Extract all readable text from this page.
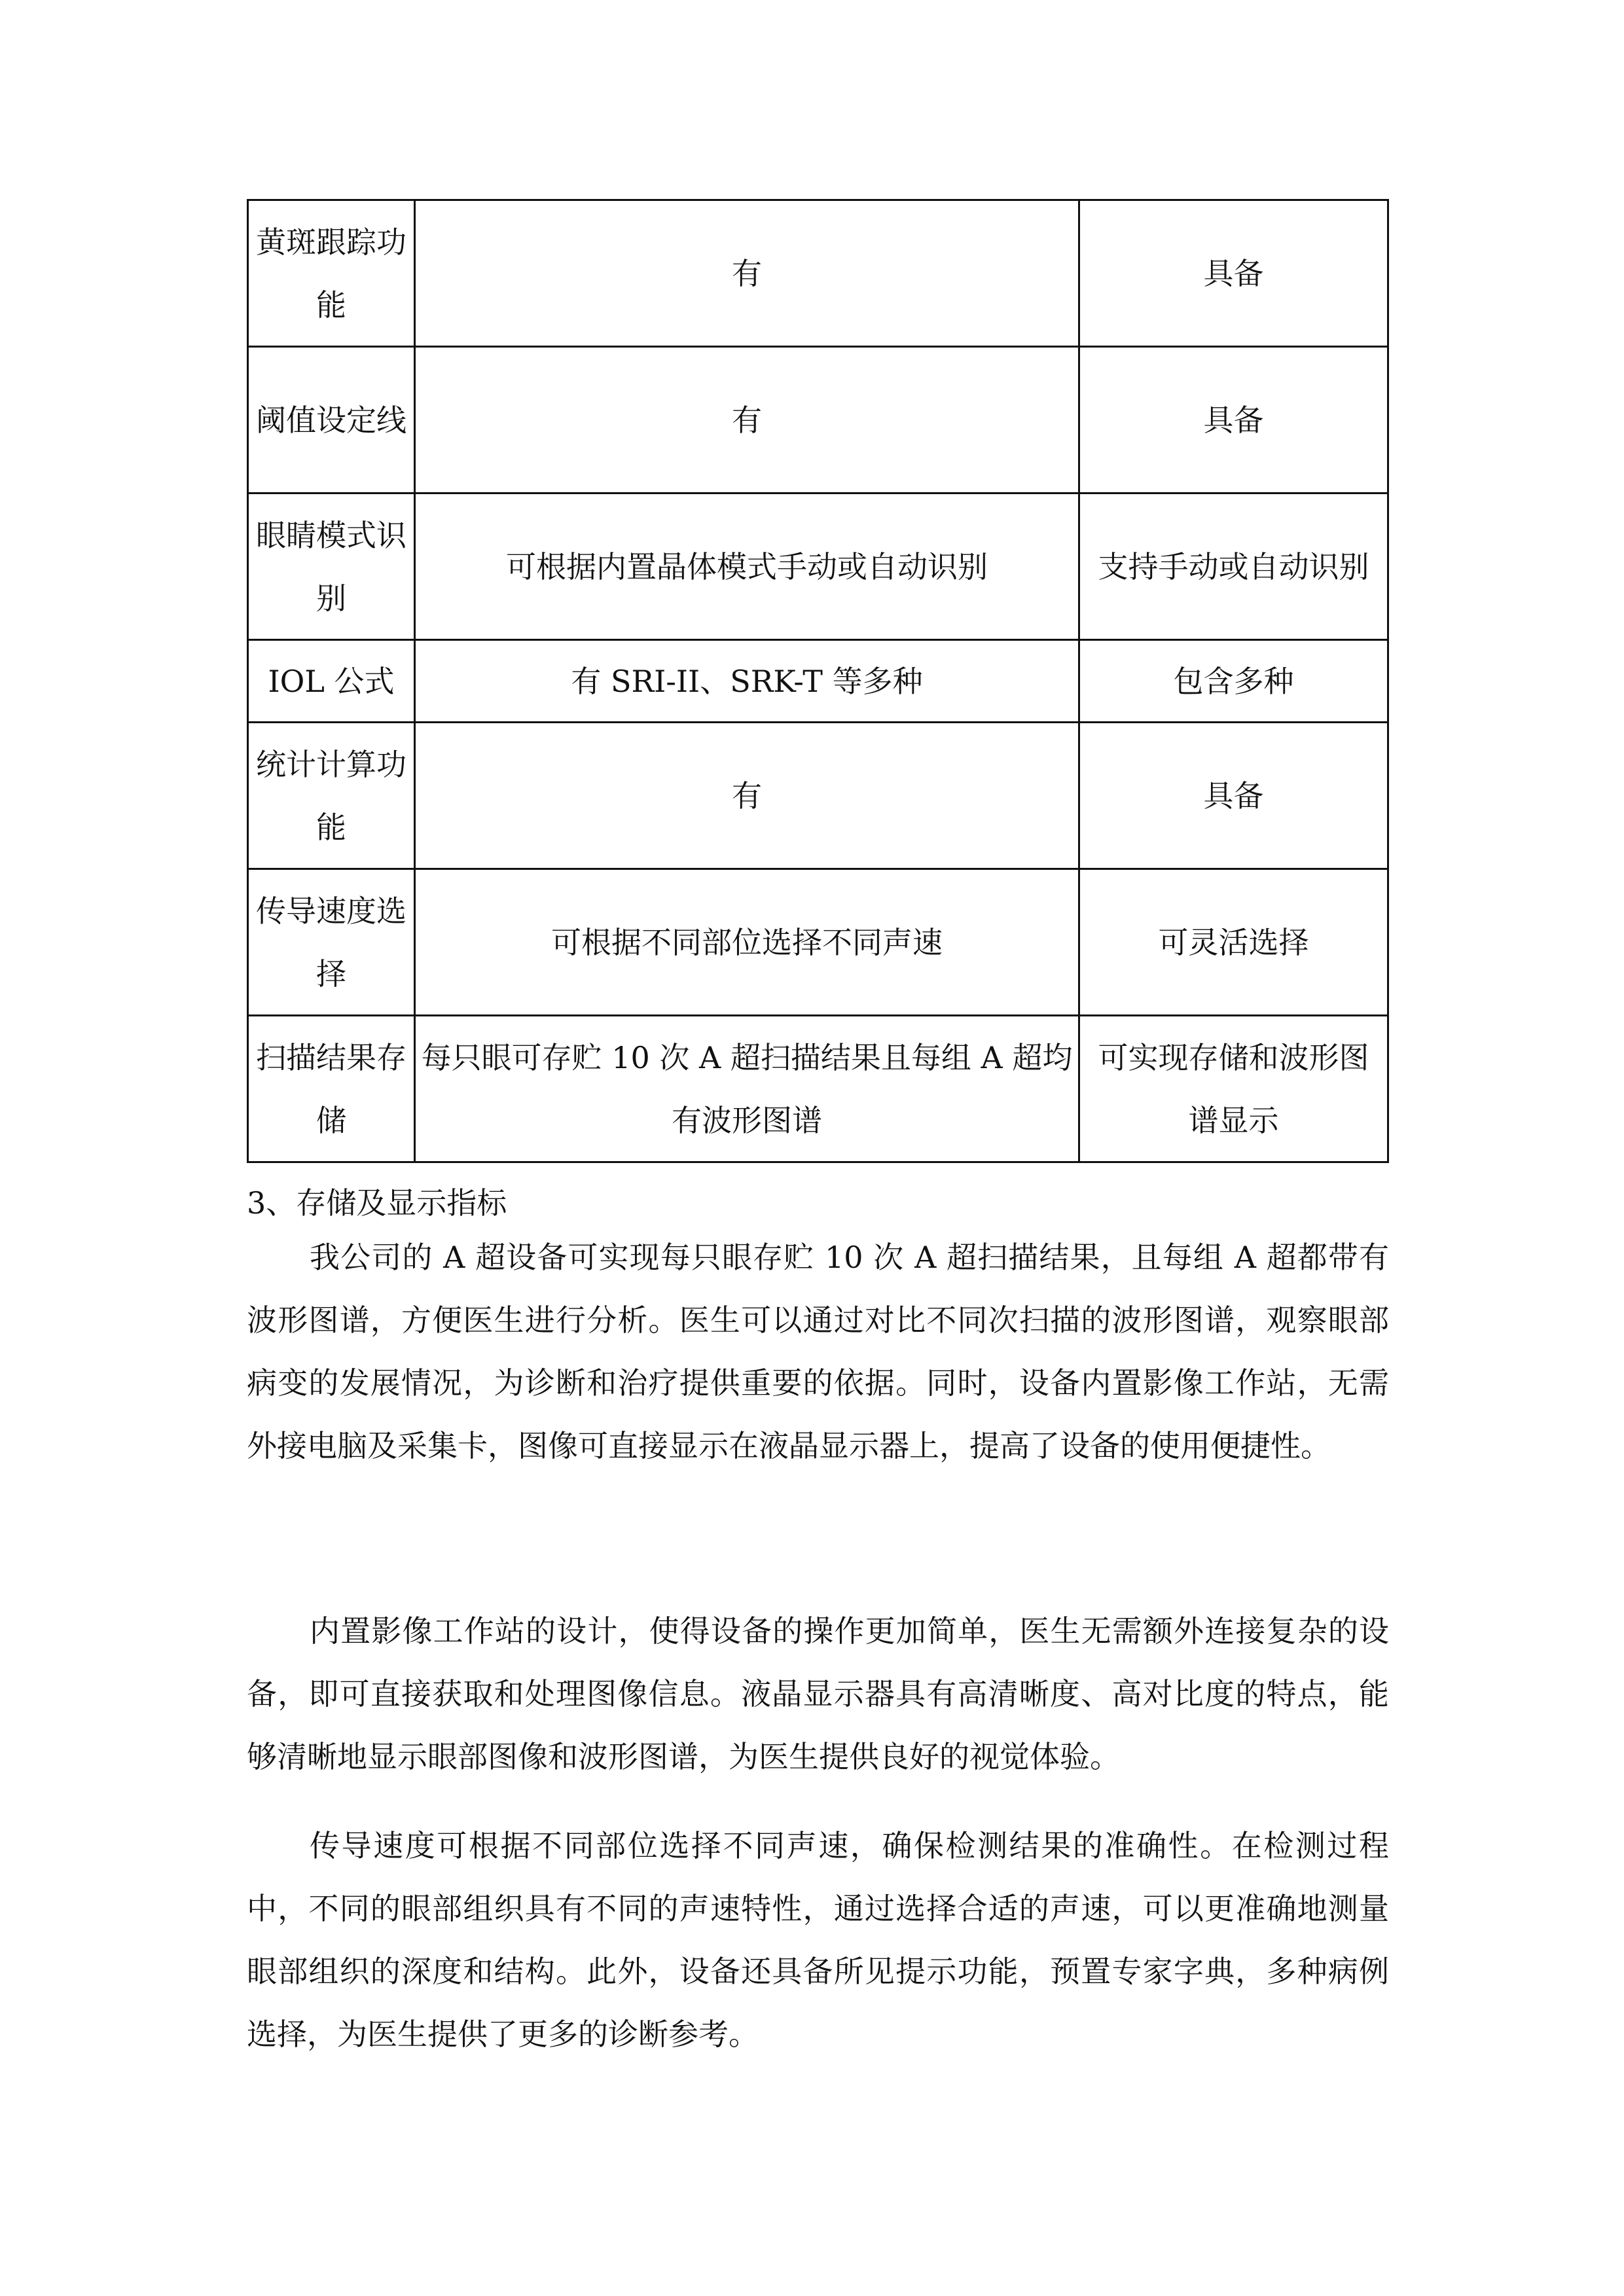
黄斑跟踪功能	有	具备
阈值设定线	有	具备
眼睛模式识别	可根据内置晶体模式手动或自动识别	支持手动或自动识别
IOL 公式	有 SRI-II、SRK-T 等多种	包含多种
统计计算功能	有	具备
传导速度选择	可根据不同部位选择不同声速	可灵活选择
扫描结果存储	每只眼可存贮 10 次 A 超扫描结果且每组 A 超均有波形图谱	可实现存储和波形图谱显示
3、存储及显示指标

我公司的 A 超设备可实现每只眼存贮 10 次 A 超扫描结果，且每组 A 超都带有波形图谱，方便医生进行分析。医生可以通过对比不同次扫描的波形图谱，观察眼部病变的发展情况，为诊断和治疗提供重要的依据。同时，设备内置影像工作站，无需外接电脑及采集卡，图像可直接显示在液晶显示器上，提高了设备的使用便捷性。

内置影像工作站的设计，使得设备的操作更加简单，医生无需额外连接复杂的设备，即可直接获取和处理图像信息。液晶显示器具有高清晰度、高对比度的特点，能够清晰地显示眼部图像和波形图谱，为医生提供良好的视觉体验。

传导速度可根据不同部位选择不同声速，确保检测结果的准确性。在检测过程中，不同的眼部组织具有不同的声速特性，通过选择合适的声速，可以更准确地测量眼部组织的深度和结构。此外，设备还具备所见提示功能，预置专家字典，多种病例选择，为医生提供了更多的诊断参考。
